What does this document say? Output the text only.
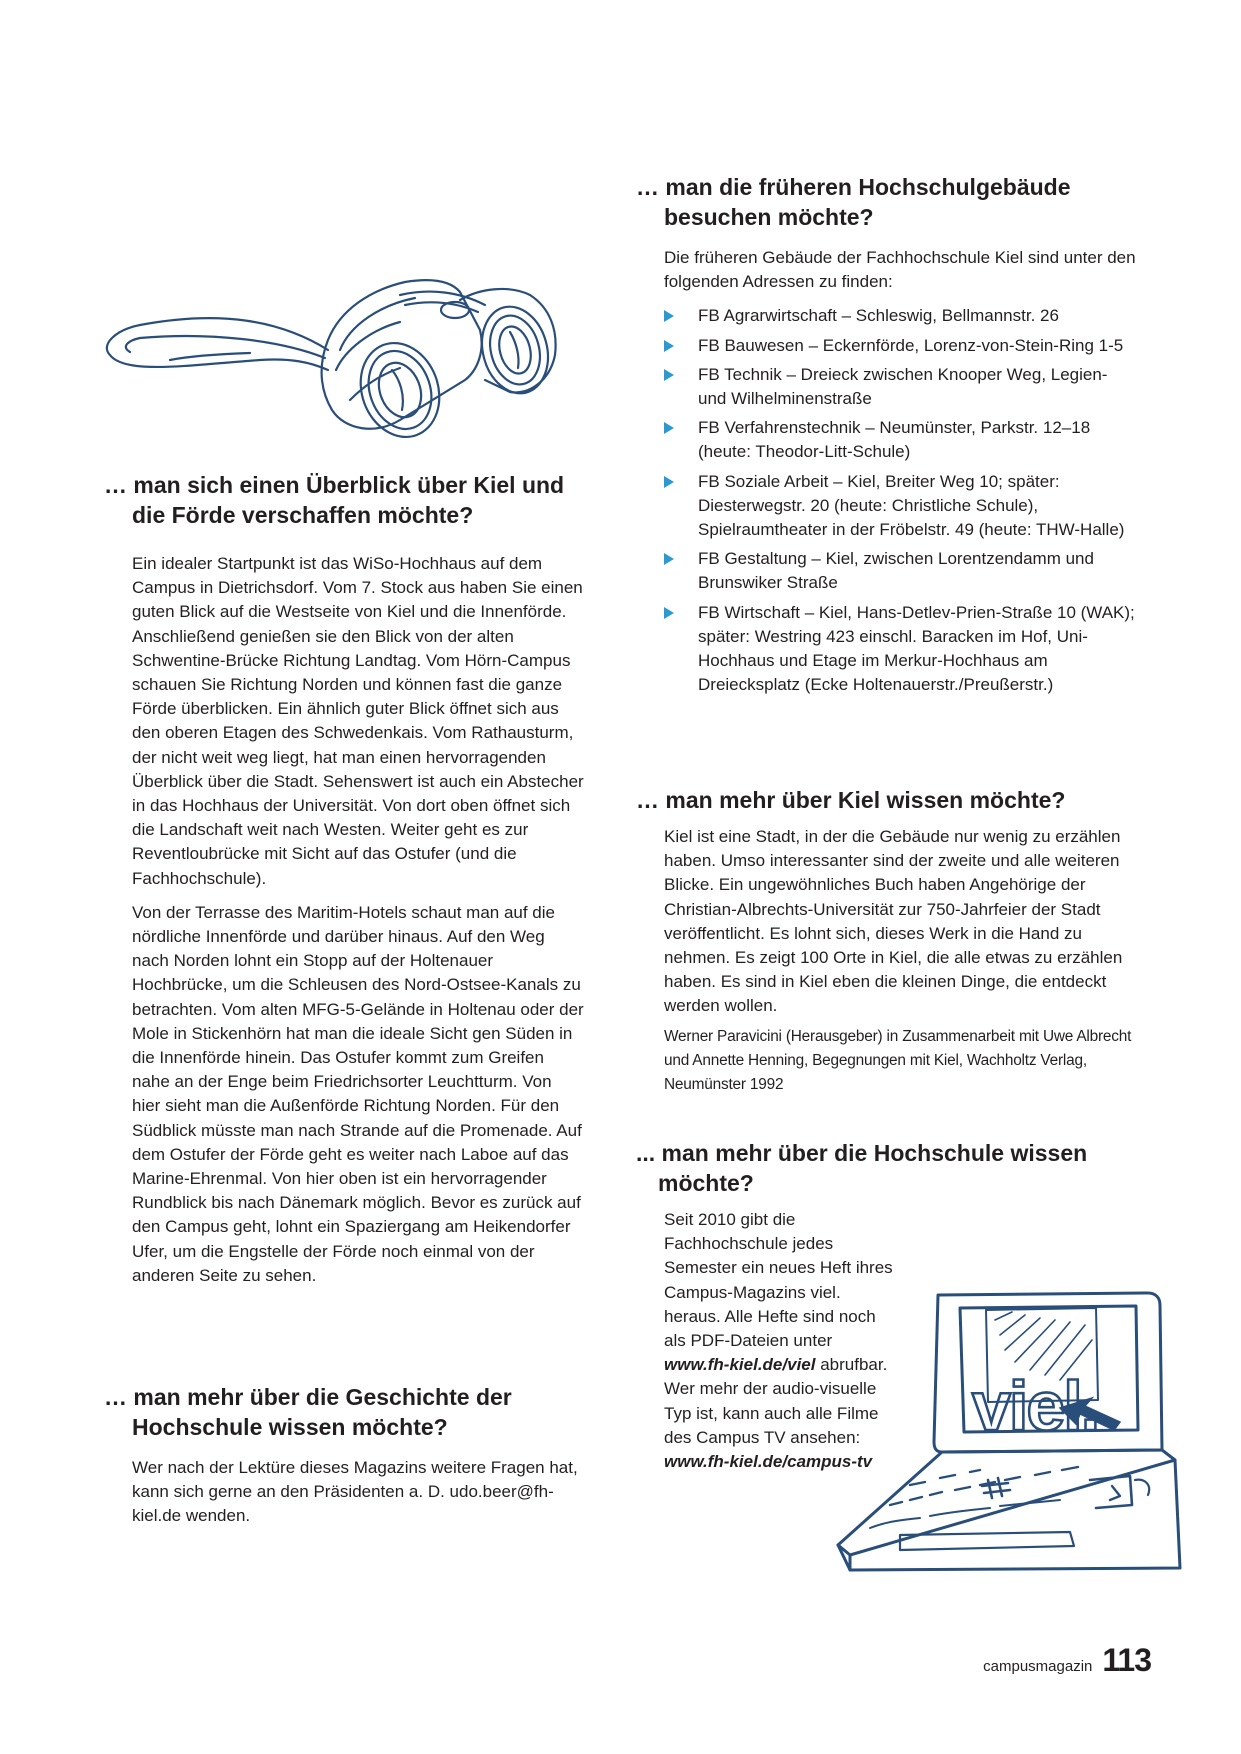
… man sich einen Überblick über Kiel und die Förde verschaffen möchte?

Ein idealer Startpunkt ist das WiSo-Hochhaus auf dem Campus in Dietrichsdorf. Vom 7. Stock aus haben Sie einen guten Blick auf die Westseite von Kiel und die Innenförde. Anschließend genießen sie den Blick von der alten Schwentine-Brücke Richtung Landtag. Vom Hörn-Campus schauen Sie Richtung Norden und können fast die ganze Förde überblicken. Ein ähnlich guter Blick öffnet sich aus den oberen Etagen des Schwedenkais. Vom Rathausturm, der nicht weit weg liegt, hat man einen hervorragenden Überblick über die Stadt. Sehenswert ist auch ein Abstecher in das Hochhaus der Universität. Von dort oben öffnet sich die Landschaft weit nach Westen. Weiter geht es zur Reventloubrücke mit Sicht auf das Ostufer (und die Fachhochschule).

Von der Terrasse des Maritim-Hotels schaut man auf die nördliche Innenförde und darüber hinaus. Auf den Weg nach Norden lohnt ein Stopp auf der Holtenauer Hochbrücke, um die Schleusen des Nord-Ostsee-Kanals zu betrachten. Vom alten MFG-5-Gelände in Holtenau oder der Mole in Stickenhörn hat man die ideale Sicht gen Süden in die Innenförde hinein. Das Ostufer kommt zum Greifen nahe an der Enge beim Friedrichsorter Leuchtturm. Von hier sieht man die Außenförde Richtung Norden. Für den Südblick müsste man nach Strande auf die Promenade. Auf dem Ostufer der Förde geht es weiter nach Laboe auf das Marine-Ehrenmal. Von hier oben ist ein hervorragender Rundblick bis nach Dänemark möglich. Bevor es zurück auf den Campus geht, lohnt ein Spaziergang am Heikendorfer Ufer, um die Engstelle der Förde noch einmal von der anderen Seite zu sehen.

… man mehr über die Geschichte der Hochschule wissen möchte?

Wer nach der Lektüre dieses Magazins weitere Fragen hat, kann sich gerne an den Präsidenten a. D. udo.beer@fh-kiel.de wenden.

… man die früheren Hochschulgebäude besuchen möchte?

Die früheren Gebäude der Fachhochschule Kiel sind unter den folgenden Adressen zu finden:

FB Agrarwirtschaft – Schleswig, Bellmannstr. 26
FB Bauwesen – Eckernförde, Lorenz-von-Stein-Ring 1-5
FB Technik – Dreieck zwischen Knooper Weg, Legien- und Wilhelminenstraße
FB Verfahrenstechnik – Neumünster, Parkstr. 12–18 (heute: Theodor-Litt-Schule)
FB Soziale Arbeit – Kiel, Breiter Weg 10; später: Diesterwegstr. 20 (heute: Christliche Schule), Spielraumtheater in der Fröbelstr. 49 (heute: THW-Halle)
FB Gestaltung – Kiel, zwischen Lorentzendamm und Brunswiker Straße
FB Wirtschaft – Kiel, Hans-Detlev-Prien-Straße 10 (WAK); später: Westring 423 einschl. Baracken im Hof, Uni-Hochhaus und Etage im Merkur-Hochhaus am Dreiecksplatz (Ecke Holtenauerstr./Preußerstr.)
… man mehr über Kiel wissen möchte?

Kiel ist eine Stadt, in der die Gebäude nur wenig zu erzählen haben. Umso interessanter sind der zweite und alle weiteren Blicke. Ein ungewöhnliches Buch haben Angehörige der Christian-Albrechts-Universität zur 750-Jahrfeier der Stadt veröffentlicht. Es lohnt sich, dieses Werk in die Hand zu nehmen. Es zeigt 100 Orte in Kiel, die alle etwas zu erzählen haben. Es sind in Kiel eben die kleinen Dinge, die entdeckt werden wollen.

Werner Paravicini (Herausgeber) in Zusammenarbeit mit Uwe Albrecht und Annette Henning, Begegnungen mit Kiel, Wachholtz Verlag, Neumünster 1992

... man mehr über die Hochschule wissen möchte?

Seit 2010 gibt die Fachhochschule jedes Semester ein neues Heft ihres Campus-Magazins viel. heraus. Alle Hefte sind noch als PDF-Dateien unter www.fh-kiel.de/viel abrufbar. Wer mehr der audio-visuelle Typ ist, kann auch alle Filme des Campus TV ansehen: www.fh-kiel.de/campus-tv

viel.
campusmagazin 113
